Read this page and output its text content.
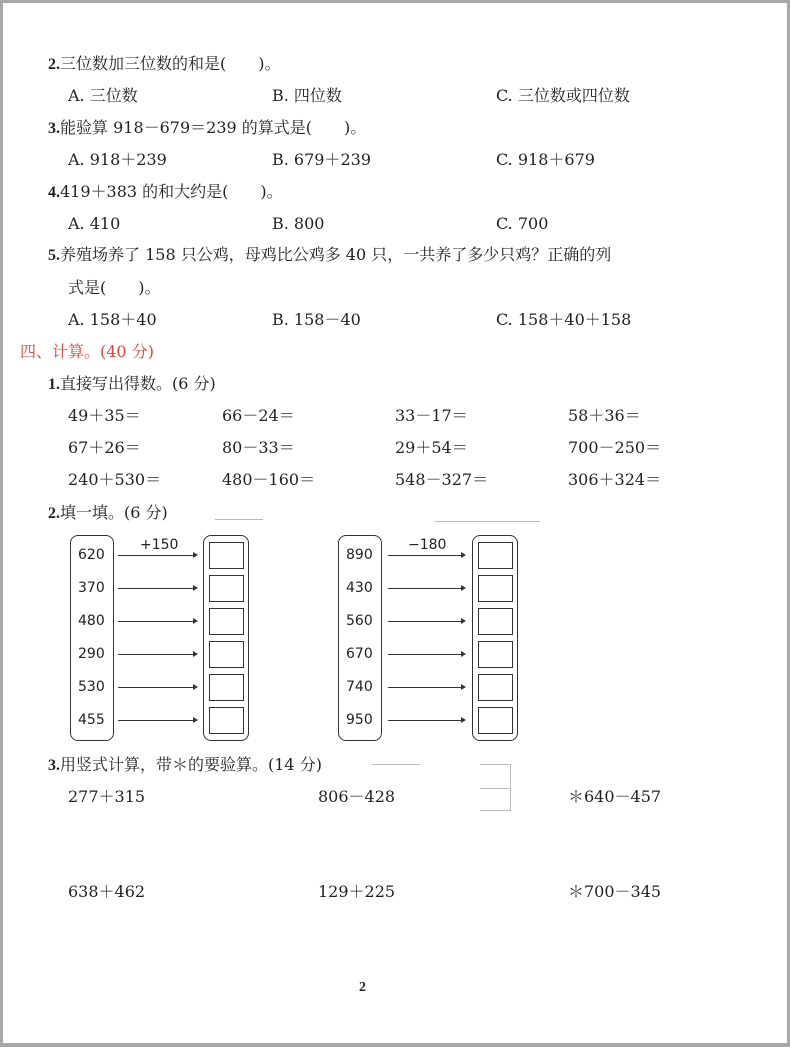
2.三位数加三位数的和是(　　)。
A. 三位数	B. 四位数	C. 三位数或四位数
3.能验算 918－679＝239 的算式是(　　)。
A. 918＋239	B. 679＋239	C. 918＋679
4.419＋383 的和大约是(　　)。
A. 410	B. 800	C. 700
5.养殖场养了 158 只公鸡，母鸡比公鸡多 40 只，一共养了多少只鸡？正确的列
式是(　　)。
A. 158＋40	B. 158－40	C. 158＋40＋158
四、计算。(40 分)
1.直接写出得数。(6 分)
49＋35＝	66－24＝	33－17＝	58＋36＝
67＋26＝	80－33＝	29＋54＝	700－250＝
240＋530＝	480－160＝	548－327＝	306＋324＝
2.填一填。(6 分)
+150
620
370
480
290
530
455
−180
890
430
560
670
740
950
3.用竖式计算，带＊的要验算。(14 分)
277＋315	806－428	＊640－457
638＋462	129＋225	＊700－345
2
